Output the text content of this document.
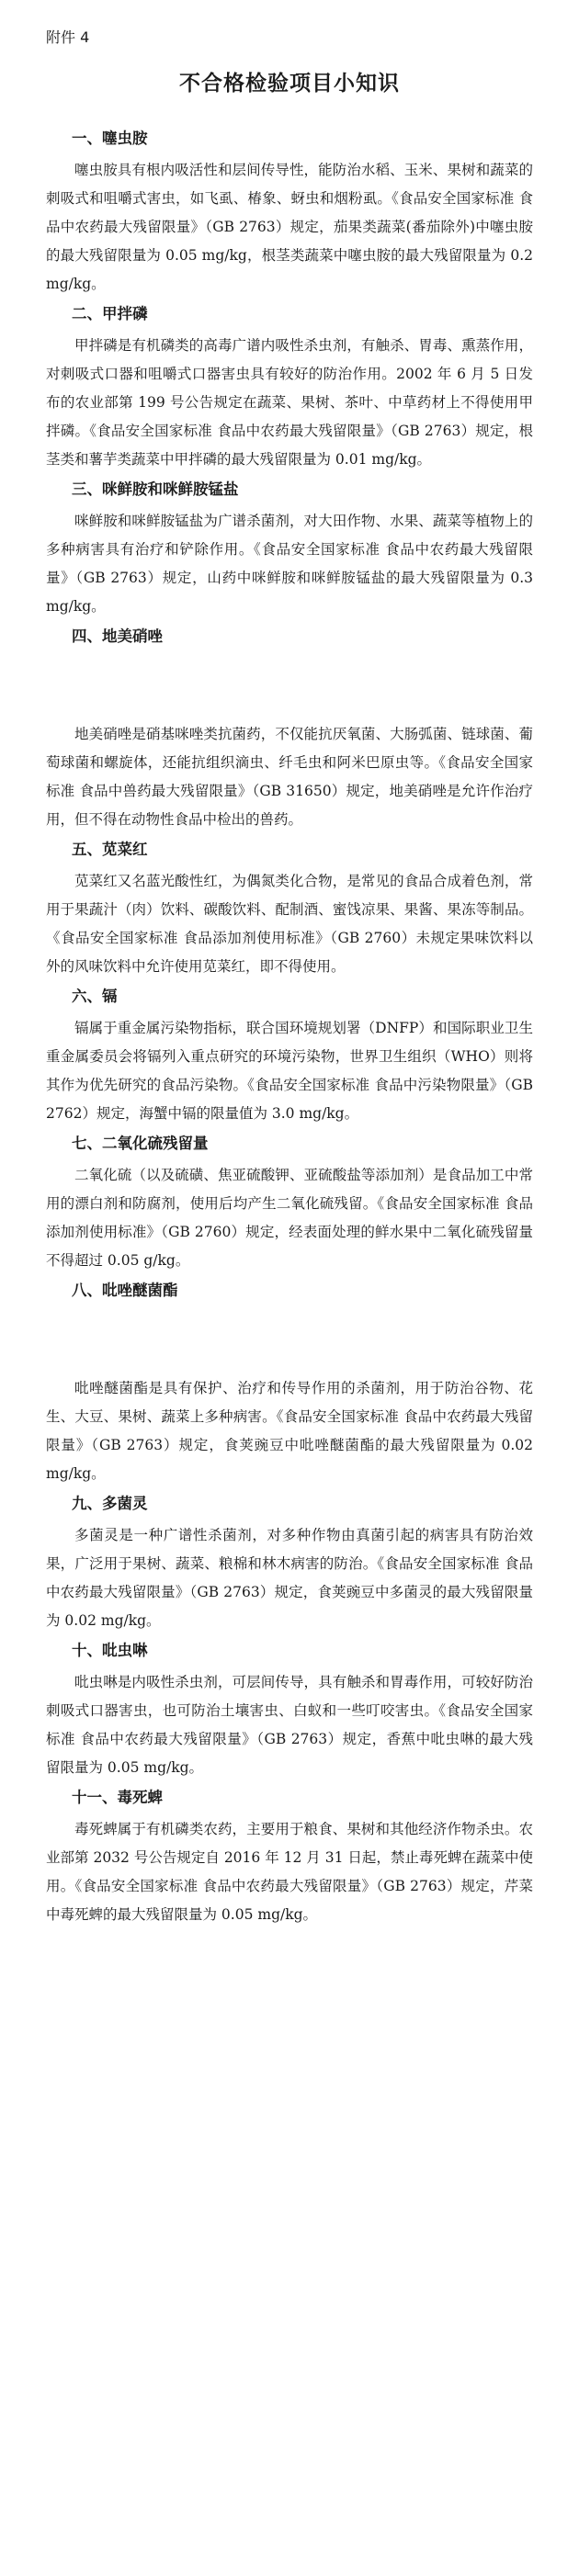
附件 4
不合格检验项目小知识
一、噻虫胺

噻虫胺具有根内吸活性和层间传导性，能防治水稻、玉米、果树和蔬菜的刺吸式和咀嚼式害虫，如飞虱、椿象、蚜虫和烟粉虱。《食品安全国家标准 食品中农药最大残留限量》（GB 2763）规定，茄果类蔬菜(番茄除外)中噻虫胺的最大残留限量为 0.05 mg/kg，根茎类蔬菜中噻虫胺的最大残留限量为 0.2 mg/kg。

二、甲拌磷

甲拌磷是有机磷类的高毒广谱内吸性杀虫剂，有触杀、胃毒、熏蒸作用，对刺吸式口器和咀嚼式口器害虫具有较好的防治作用。2002 年 6 月 5 日发布的农业部第 199 号公告规定在蔬菜、果树、茶叶、中草药材上不得使用甲拌磷。《食品安全国家标准 食品中农药最大残留限量》（GB 2763）规定，根茎类和薯芋类蔬菜中甲拌磷的最大残留限量为 0.01 mg/kg。

三、咪鲜胺和咪鲜胺锰盐

咪鲜胺和咪鲜胺锰盐为广谱杀菌剂，对大田作物、水果、蔬菜等植物上的多种病害具有治疗和铲除作用。《食品安全国家标准 食品中农药最大残留限量》（GB 2763）规定，山药中咪鲜胺和咪鲜胺锰盐的最大残留限量为 0.3 mg/kg。

四、地美硝唑

地美硝唑是硝基咪唑类抗菌药，不仅能抗厌氧菌、大肠弧菌、链球菌、葡萄球菌和螺旋体，还能抗组织滴虫、纤毛虫和阿米巴原虫等。《食品安全国家标准 食品中兽药最大残留限量》（GB 31650）规定，地美硝唑是允许作治疗用，但不得在动物性食品中检出的兽药。

五、苋菜红

苋菜红又名蓝光酸性红，为偶氮类化合物，是常见的食品合成着色剂，常用于果蔬汁（肉）饮料、碳酸饮料、配制酒、蜜饯凉果、果酱、果冻等制品。《食品安全国家标准 食品添加剂使用标准》（GB 2760）未规定果味饮料以外的风味饮料中允许使用苋菜红，即不得使用。

六、镉

镉属于重金属污染物指标，联合国环境规划署（DNFP）和国际职业卫生重金属委员会将镉列入重点研究的环境污染物，世界卫生组织（WHO）则将其作为优先研究的食品污染物。《食品安全国家标准 食品中污染物限量》（GB 2762）规定，海蟹中镉的限量值为 3.0 mg/kg。

七、二氧化硫残留量

二氧化硫（以及硫磺、焦亚硫酸钾、亚硫酸盐等添加剂）是食品加工中常用的漂白剂和防腐剂，使用后均产生二氧化硫残留。《食品安全国家标准 食品添加剂使用标准》（GB 2760）规定，经表面处理的鲜水果中二氧化硫残留量不得超过 0.05 g/kg。

八、吡唑醚菌酯

吡唑醚菌酯是具有保护、治疗和传导作用的杀菌剂，用于防治谷物、花生、大豆、果树、蔬菜上多种病害。《食品安全国家标准 食品中农药最大残留限量》（GB 2763）规定，食荚豌豆中吡唑醚菌酯的最大残留限量为 0.02 mg/kg。

九、多菌灵

多菌灵是一种广谱性杀菌剂，对多种作物由真菌引起的病害具有防治效果，广泛用于果树、蔬菜、粮棉和林木病害的防治。《食品安全国家标准 食品中农药最大残留限量》（GB 2763）规定，食荚豌豆中多菌灵的最大残留限量为 0.02 mg/kg。

十、吡虫啉

吡虫啉是内吸性杀虫剂，可层间传导，具有触杀和胃毒作用，可较好防治刺吸式口器害虫，也可防治土壤害虫、白蚁和一些叮咬害虫。《食品安全国家标准 食品中农药最大残留限量》（GB 2763）规定，香蕉中吡虫啉的最大残留限量为 0.05 mg/kg。

十一、毒死蜱

毒死蜱属于有机磷类农药，主要用于粮食、果树和其他经济作物杀虫。农业部第 2032 号公告规定自 2016 年 12 月 31 日起，禁止毒死蜱在蔬菜中使用。《食品安全国家标准 食品中农药最大残留限量》（GB 2763）规定，芹菜中毒死蜱的最大残留限量为 0.05 mg/kg。
